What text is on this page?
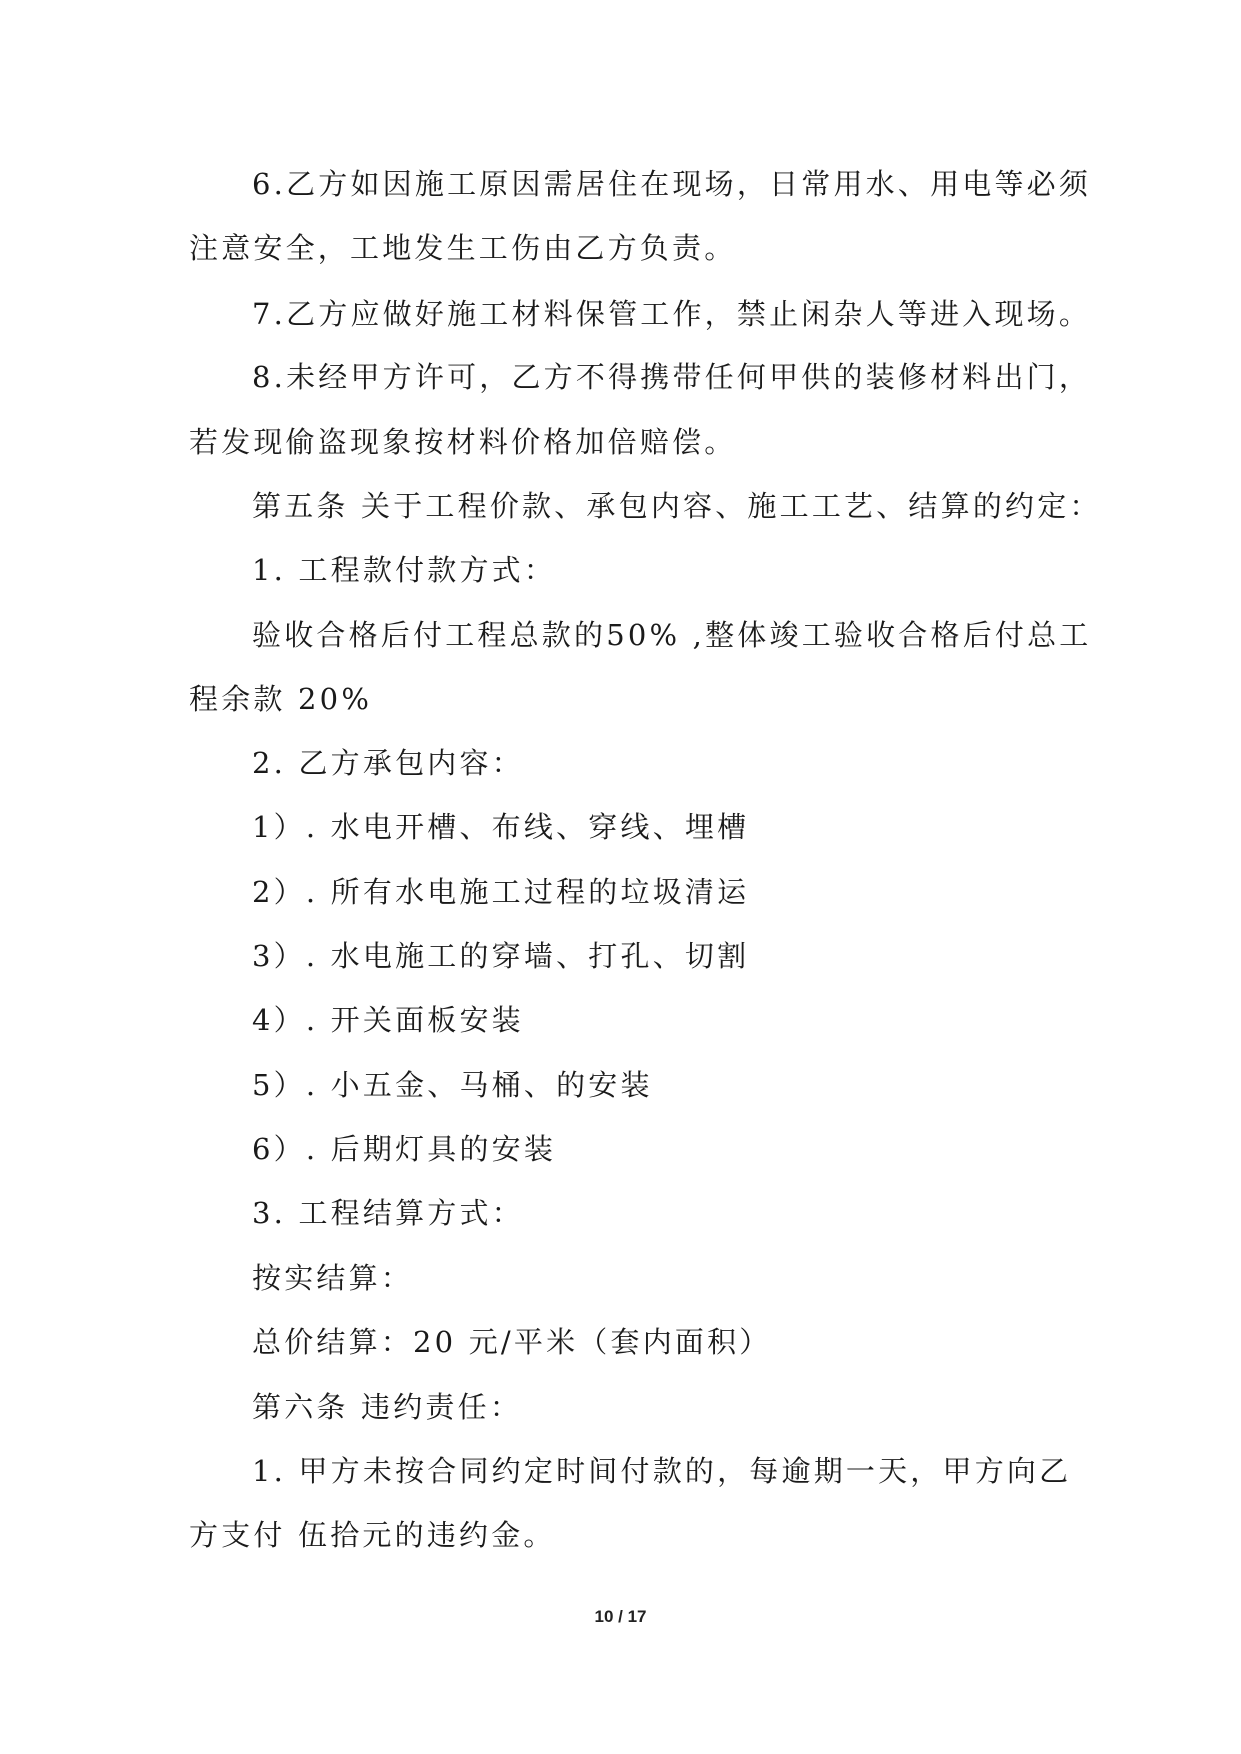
6.乙方如因施工原因需居住在现场，日常用水、用电等必须
注意安全，工地发生工伤由乙方负责。
7.乙方应做好施工材料保管工作，禁止闲杂人等进入现场。
8.未经甲方许可，乙方不得携带任何甲供的装修材料出门，
若发现偷盗现象按材料价格加倍赔偿。
第五条 关于工程价款、承包内容、施工工艺、结算的约定：
1. 工程款付款方式：
验收合格后付工程总款的50% ,整体竣工验收合格后付总工
程余款 20%
2. 乙方承包内容：
1）. 水电开槽、布线、穿线、埋槽
2）. 所有水电施工过程的垃圾清运
3）. 水电施工的穿墙、打孔、切割
4）. 开关面板安装
5）. 小五金、马桶、的安装
6）. 后期灯具的安装
3. 工程结算方式：
按实结算：
总价结算：20 元/平米（套内面积）
第六条 违约责任：
1. 甲方未按合同约定时间付款的，每逾期一天，甲方向乙
方支付 伍拾元的违约金。
10 / 17
